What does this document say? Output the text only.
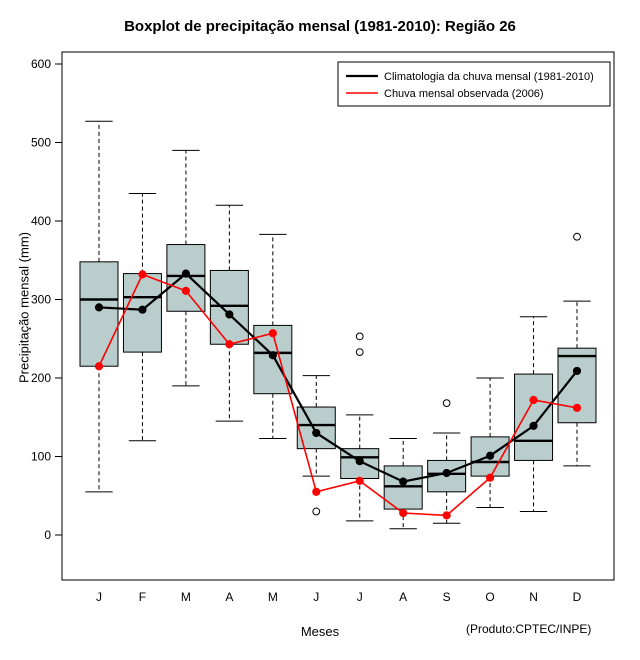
Boxplot de precipitação mensal (1981-2010): Região 26
Precipitação mensal (mm)
Meses	(Produto:CPTEC/INPE)
0
100
200
300
400
500
600
J	F	M	A	M	J	J	A	S	O	N	D
Climatologia da chuva mensal (1981-2010)
Chuva mensal observada (2006)
